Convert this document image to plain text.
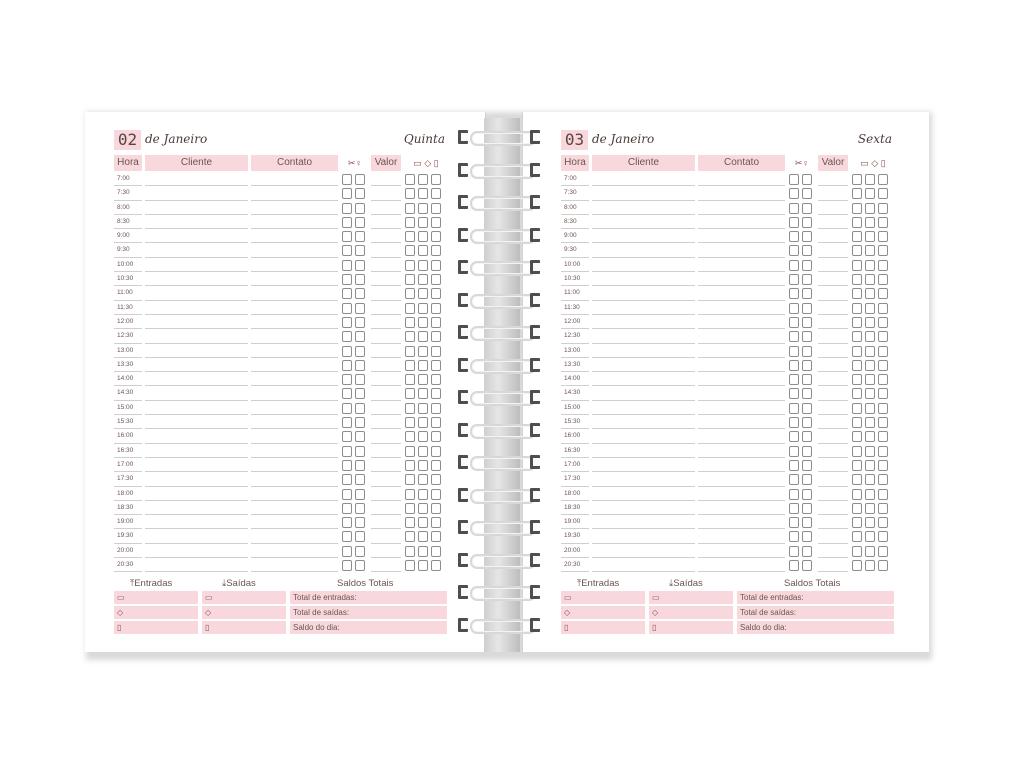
02 de Janeiro	Quinta
Hora	Cliente	Contato	✂♀	Valor	▭ ◇ ▯
7:00
7:30
8:00
8:30
9:00
9:30
10:00
10:30
11:00
11:30
12:00
12:30
13:00
13:30
14:00
14:30
15:00
15:30
16:00
16:30
17:00
17:30
18:00
18:30
19:00
19:30
20:00
20:30
⤒Entradas	⤓Saídas	Saldos Totais
▭	▭	Total de entradas:
◇	◇	Total de saídas:
▯	▯	Saldo do dia:
03 de Janeiro	Sexta
Hora	Cliente	Contato	✂♀	Valor	▭ ◇ ▯
7:00
7:30
8:00
8:30
9:00
9:30
10:00
10:30
11:00
11:30
12:00
12:30
13:00
13:30
14:00
14:30
15:00
15:30
16:00
16:30
17:00
17:30
18:00
18:30
19:00
19:30
20:00
20:30
⤒Entradas	⤓Saídas	Saldos Totais
▭	▭	Total de entradas:
◇	◇	Total de saídas:
▯	▯	Saldo do dia:
